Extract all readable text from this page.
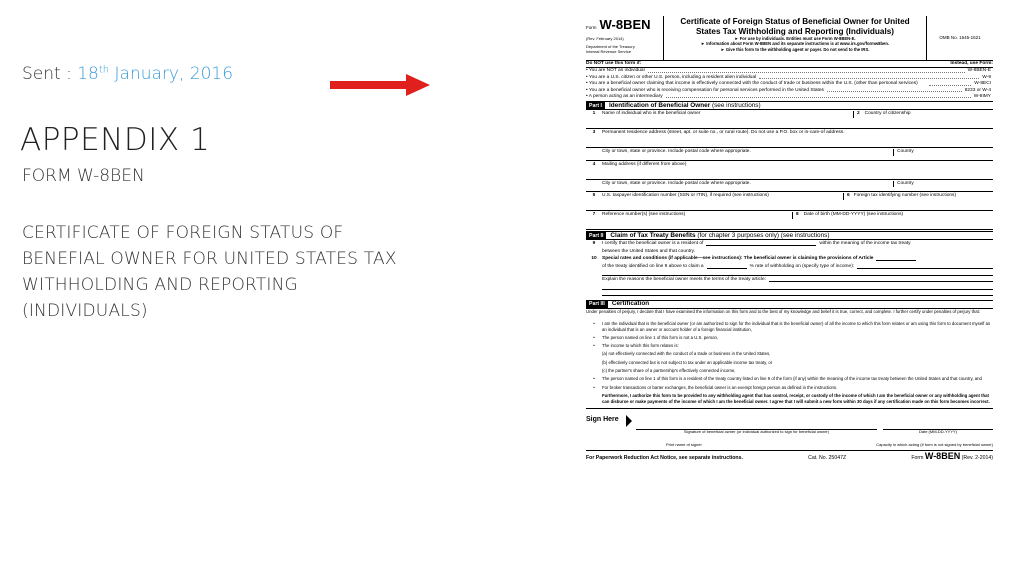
Sent : 18th January, 2016
APPENDIX 1
FORM W-8BEN
CERTIFICATE OF FOREIGN STATUS OF
BENEFIAL OWNER FOR UNITED STATES TAX
WITHHOLDING AND REPORTING
(INDIVIDUALS)
Form W-8BEN
(Rev. February 2014)
Department of the Treasury
Internal Revenue Service
Certificate of Foreign Status of Beneficial Owner for United
States Tax Withholding and Reporting (Individuals)
► For use by individuals. Entities must use Form W-8BEN-E.
► Information about Form W-8BEN and its separate instructions is at www.irs.gov/formw8ben.
► Give this form to the withholding agent or payer. Do not send to the IRS.
OMB No. 1545-1621
Do NOT use this form if:	Instead, use Form:
• You are NOT an individual	W-8BEN-E
• You are a U.S. citizen or other U.S. person, including a resident alien individual	W-9
• You are a beneficial owner claiming that income is effectively connected with the conduct of trade or business within the U.S. (other than personal services)	W-8ECI
• You are a beneficial owner who is receiving compensation for personal services performed in the United States	8233 or W-4
• A person acting as an intermediary	W-8IMY
Part I	Identification of Beneficial Owner (see instructions)
1	Name of individual who is the beneficial owner	2 Country of citizenship
3	Permanent residence address (street, apt. or suite no., or rural route). Do not use a P.O. box or in-care-of address.
City or town, state or province. Include postal code where appropriate.	Country
4	Mailing address (if different from above)
City or town, state or province. Include postal code where appropriate.	Country
5	U.S. taxpayer identification number (SSN or ITIN), if required (see instructions)	6 Foreign tax identifying number (see instructions)
7	Reference number(s) (see instructions)	8 Date of birth (MM-DD-YYYY) (see instructions)
Part II	Claim of Tax Treaty Benefits (for chapter 3 purposes only) (see instructions)
9	I certify that the beneficial owner is a resident of	within the meaning of the income tax treaty
between the United States and that country.
10	Special rates and conditions (if applicable—see instructions): The beneficial owner is claiming the provisions of Article
of the treaty identified on line 9 above to claim a	% rate of withholding on (specify type of income):
Explain the reasons the beneficial owner meets the terms of the treaty article:
Part III	Certification
Under penalties of perjury, I declare that I have examined the information on this form and to the best of my knowledge and belief it is true, correct, and complete. I further certify under penalties of perjury that:
•	I am the individual that is the beneficial owner (or am authorized to sign for the individual that is the beneficial owner) of all the income to which this form relates or am using this form to document myself as an individual that is an owner or account holder of a foreign financial institution,
•	The person named on line 1 of this form is not a U.S. person,
•	The income to which this form relates is:
(a) not effectively connected with the conduct of a trade or business in the United States,
(b) effectively connected but is not subject to tax under an applicable income tax treaty, or
(c) the partner's share of a partnership's effectively connected income,
•	The person named on line 1 of this form is a resident of the treaty country listed on line 9 of the form (if any) within the meaning of the income tax treaty between the United States and that country, and
•	For broker transactions or barter exchanges, the beneficial owner is an exempt foreign person as defined in the instructions.
Furthermore, I authorize this form to be provided to any withholding agent that has control, receipt, or custody of the income of which I am the beneficial owner or any withholding agent that can disburse or make payments of the income of which I am the beneficial owner. I agree that I will submit a new form within 30 days if any certification made on this form becomes incorrect.
Sign Here
Signature of beneficial owner (or individual authorized to sign for beneficial owner)	Date (MM-DD-YYYY)
Print name of signer	Capacity in which acting (if form is not signed by beneficial owner)
For Paperwork Reduction Act Notice, see separate instructions.	Cat. No. 25047Z	Form W-8BEN (Rev. 2-2014)
